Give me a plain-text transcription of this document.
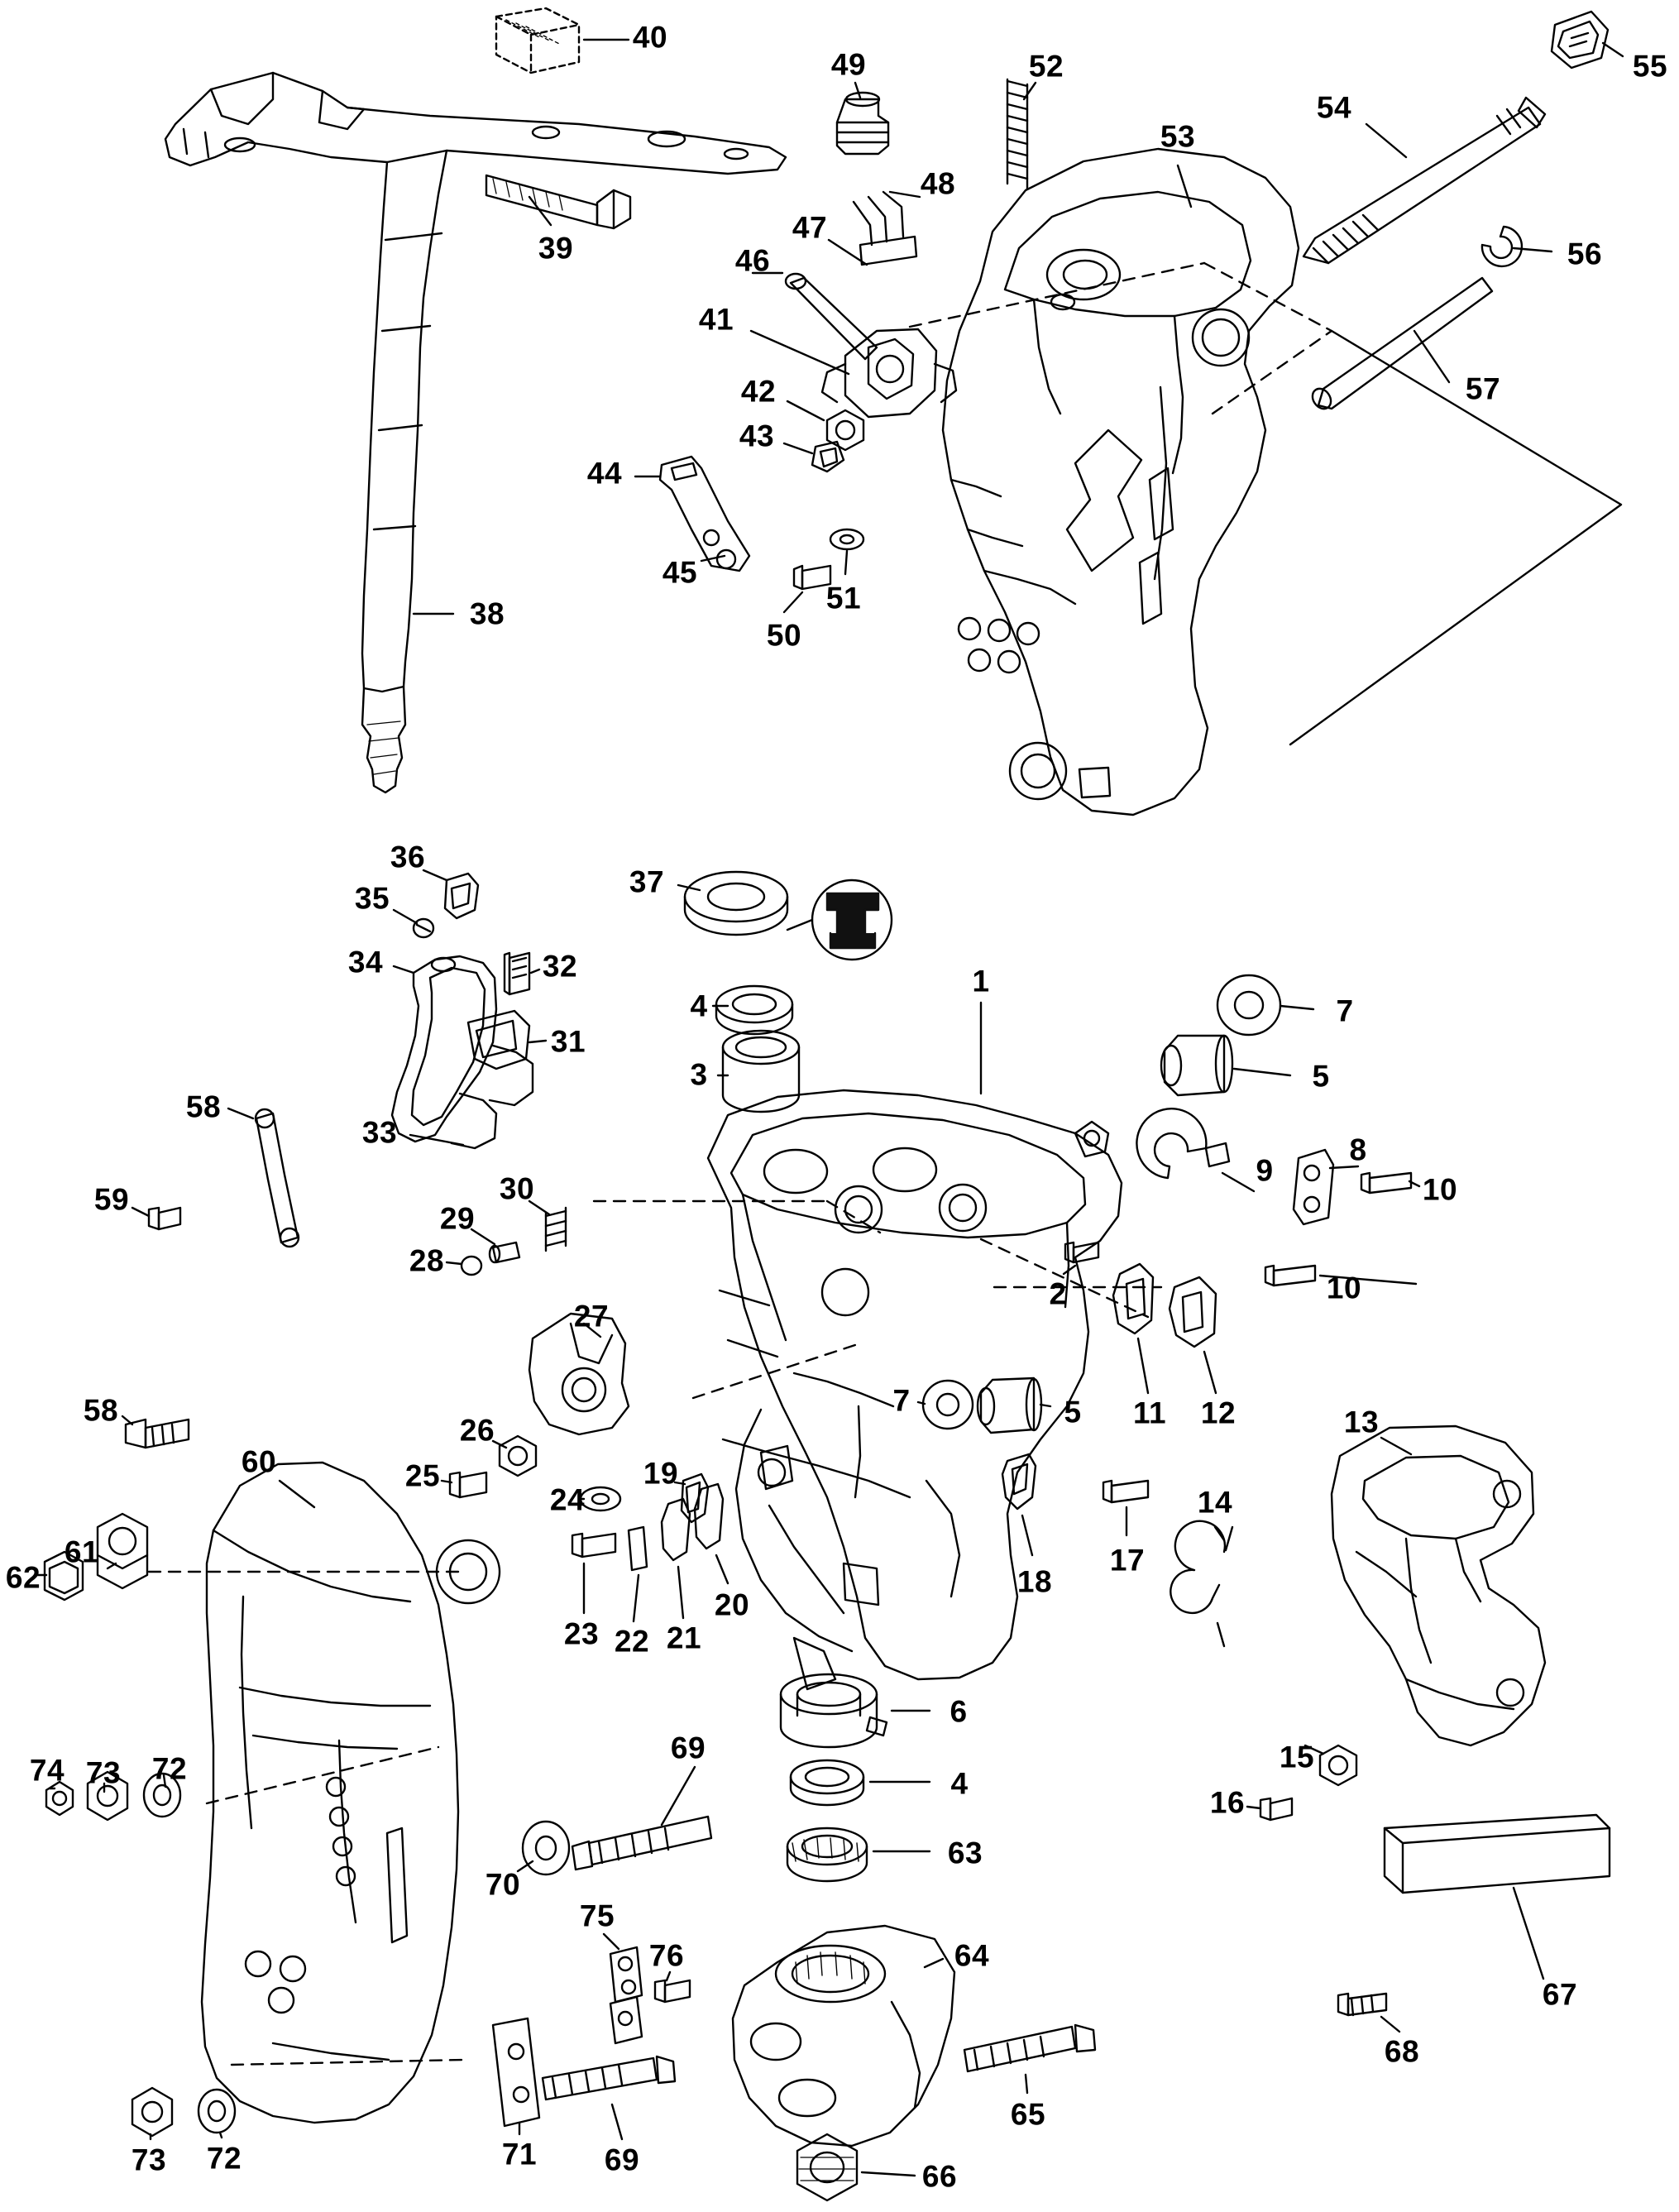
1
2
3
4
5
6
7
8
9
10
11 12	13
14
15
16
17
18
19
20
21
22
23
24
25
26
27
28
29
30
31
32
33
34
35
36
37
38
39
40
41
42
43
44
45
46
47
48
49
50
51
52
53
54
55
56
57
58
58
59
60
61
62
63
64
65
66
67
68
69
69
70
71
72
72
73
73
74
75
76
4
5
7
10
